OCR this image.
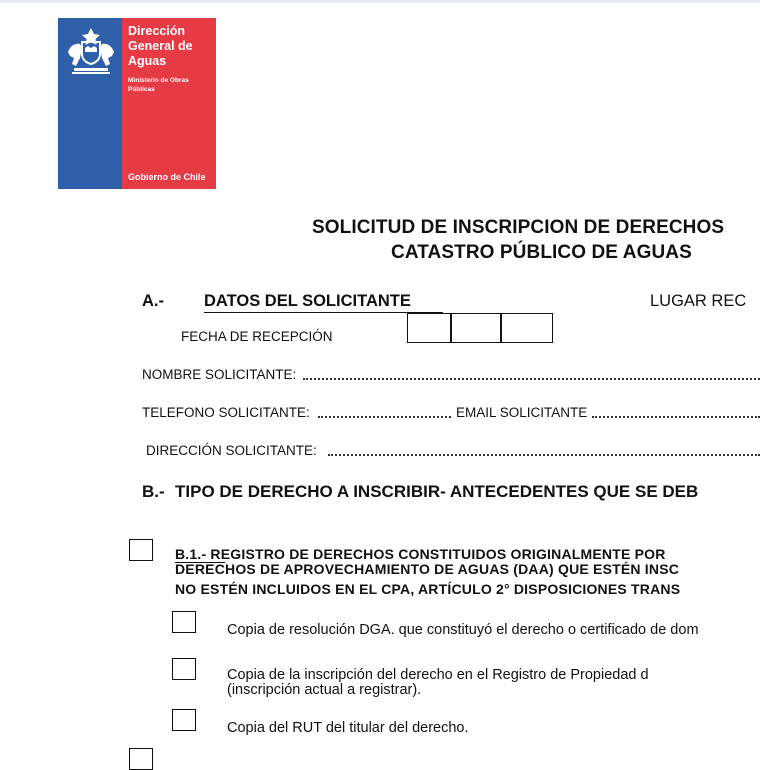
Dirección
General de
Aguas
Ministerio de Obras
Públicas
Gobierno de Chile
SOLICITUD DE INSCRIPCION DE DERECHOS
CATASTRO PÚBLICO DE AGUAS
A.- DATOS DEL SOLICITANTE	LUGAR REC
FECHA DE RECEPCIÓN
NOMBRE SOLICITANTE:
TELEFONO SOLICITANTE:	EMAIL SOLICITANTE
DIRECCIÓN SOLICITANTE:
B.- TIPO DE DERECHO A INSCRIBIR- ANTECEDENTES QUE SE DEB
B.1.- REGISTRO DE DERECHOS CONSTITUIDOS ORIGINALMENTE POR
DERECHOS DE APROVECHAMIENTO DE AGUAS (DAA) QUE ESTÉN INSC
NO ESTÉN INCLUIDOS EN EL CPA, ARTÍCULO 2° DISPOSICIONES TRANS
Copia de resolución DGA. que constituyó el derecho o certificado de dom
Copia de la inscripción del derecho en el Registro de Propiedad d
(inscripción actual a registrar).
Copia del RUT del titular del derecho.
